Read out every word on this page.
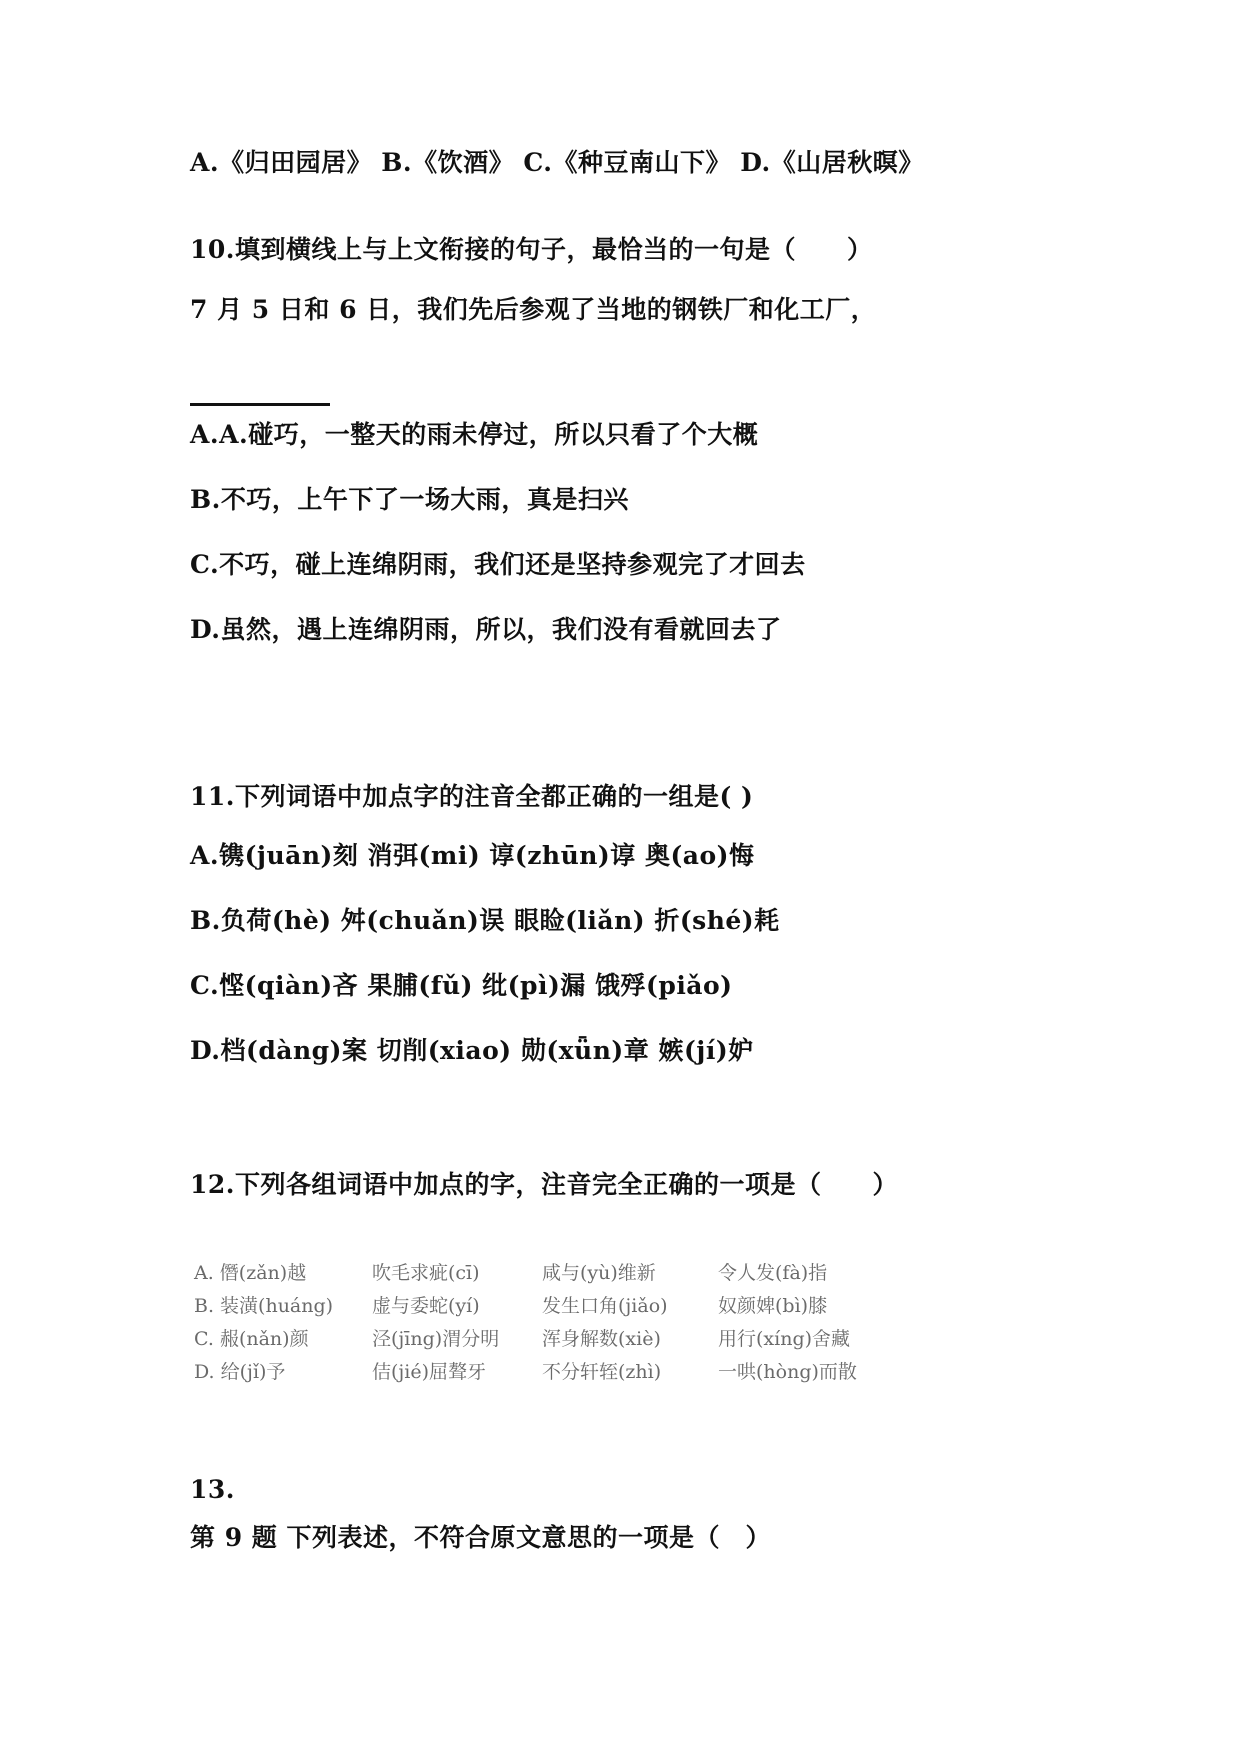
A.《归田园居》 B.《饮酒》 C.《种豆南山下》 D.《山居秋暝》
10.填到横线上与上文衔接的句子，最恰当的一句是（　　）
7 月 5 日和 6 日，我们先后参观了当地的钢铁厂和化工厂，
A.A.碰巧，一整天的雨未停过，所以只看了个大概
B.不巧，上午下了一场大雨，真是扫兴
C.不巧，碰上连绵阴雨，我们还是坚持参观完了才回去
D.虽然，遇上连绵阴雨，所以，我们没有看就回去了
11.下列词语中加点字的注音全都正确的一组是( )
A.镌(juān)刻 消弭(mi) 谆(zhūn)谆 奥(ao)悔
B.负荷(hè) 舛(chuǎn)误 眼睑(liǎn) 折(shé)耗
C.悭(qiàn)吝 果脯(fǔ) 纰(pì)漏 饿殍(piǎo)
D.档(dàng)案 切削(xiao) 勋(xǖn)章 嫉(jí)妒
12.下列各组词语中加点的字，注音完全正确的一项是（　　）
A. 僭(zǎn)越	吹毛求疵(cī)	咸与(yù)维新	令人发(fà)指
B. 装潢(huáng) 虚与委蛇(yí)	发生口角(jiǎo)	奴颜婢(bì)膝
C. 赧(nǎn)颜	泾(jīng)渭分明 浑身解数(xiè)	用行(xíng)舍藏
D. 给(jǐ)予	佶(jié)屈聱牙	不分轩轾(zhì)	一哄(hòng)而散
13.
第 9 题 下列表述，不符合原文意思的一项是（　）
